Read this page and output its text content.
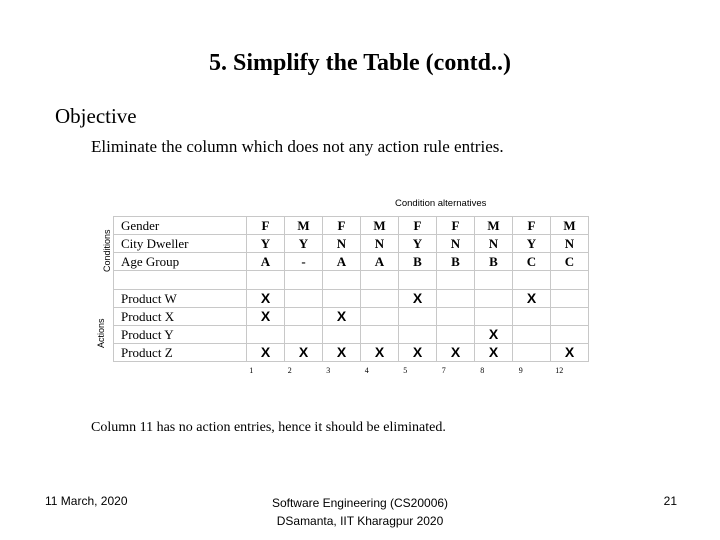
5. Simplify the Table (contd..)
Objective
Eliminate the column which does not any action rule entries.
Condition alternatives
Conditions
Actions
Gender	F	M	F	M	F	F	M	F	M
City Dweller	Y	Y	N	N	Y	N	N	Y	N
Age Group	A	-	A	A	B	B	B	C	C

Product W	X				X			X	
Product X	X		X						
Product Y							X		
Product Z	X	X	X	X	X	X	X		X
1	2	3	4	5	7	8	9	12
Column 11 has no action entries, hence it should be eliminated.
11 March, 2020	Software Engineering (CS20006)
DSamanta, IIT Kharagpur 2020
21
